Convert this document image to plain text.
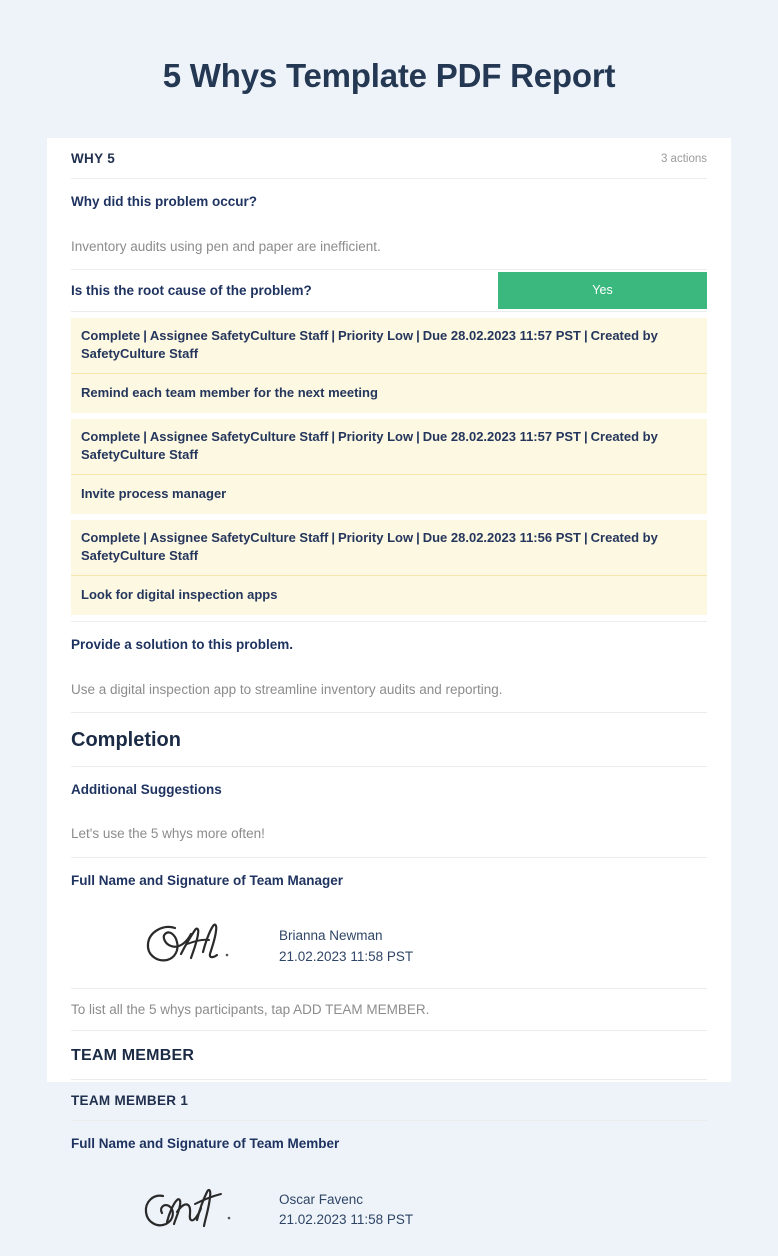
5 Whys Template PDF Report
WHY 5	3 actions
Why did this problem occur?
Inventory audits using pen and paper are inefficient.
Is this the root cause of the problem?	Yes
Complete | Assignee SafetyCulture Staff | Priority Low | Due 28.02.2023 11:57 PST | Created by SafetyCulture Staff
Remind each team member for the next meeting
Complete | Assignee SafetyCulture Staff | Priority Low | Due 28.02.2023 11:57 PST | Created by SafetyCulture Staff
Invite process manager
Complete | Assignee SafetyCulture Staff | Priority Low | Due 28.02.2023 11:56 PST | Created by SafetyCulture Staff
Look for digital inspection apps
Provide a solution to this problem.
Use a digital inspection app to streamline inventory audits and reporting.
Completion
Additional Suggestions
Let's use the 5 whys more often!
Full Name and Signature of Team Manager
Brianna Newman
21.02.2023 11:58 PST
To list all the 5 whys participants, tap ADD TEAM MEMBER.
TEAM MEMBER
TEAM MEMBER 1
Full Name and Signature of Team Member
Oscar Favenc
21.02.2023 11:58 PST
